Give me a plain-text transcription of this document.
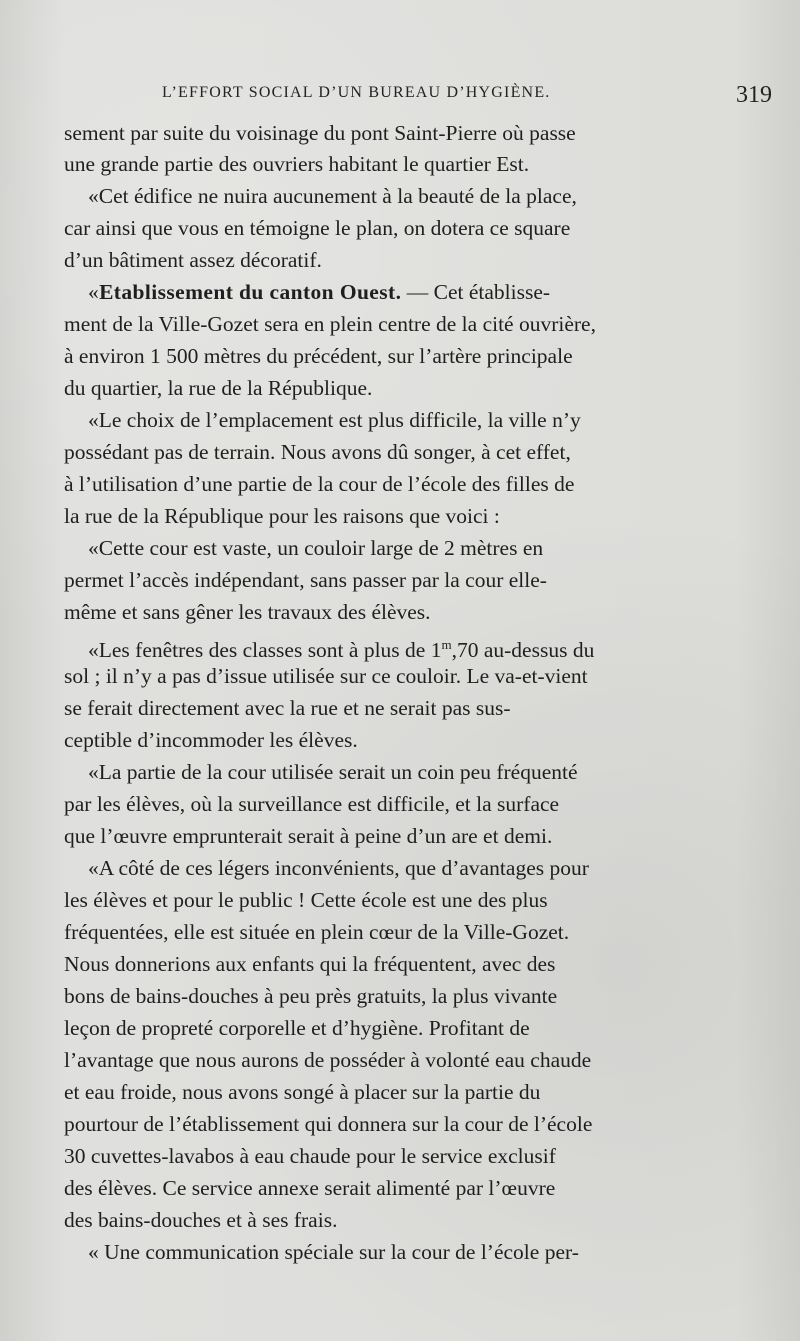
L’EFFORT SOCIAL D’UN BUREAU D’HYGIÈNE.	319
sement par suite du voisinage du pont Saint-Pierre où passe
une grande partie des ouvriers habitant le quartier Est.
«Cet édifice ne nuira aucunement à la beauté de la place,
car ainsi que vous en témoigne le plan, on dotera ce square
d’un bâtiment assez décoratif.
«Etablissement du canton Ouest. — Cet établisse-
ment de la Ville-Gozet sera en plein centre de la cité ouvrière,
à environ 1 500 mètres du précédent, sur l’artère principale
du quartier, la rue de la République.
«Le choix de l’emplacement est plus difficile, la ville n’y
possédant pas de terrain. Nous avons dû songer, à cet effet,
à l’utilisation d’une partie de la cour de l’école des filles de
la rue de la République pour les raisons que voici :
«Cette cour est vaste, un couloir large de 2 mètres en
permet l’accès indépendant, sans passer par la cour elle-
même et sans gêner les travaux des élèves.
«Les fenêtres des classes sont à plus de 1$^m$,70 au-dessus du
sol ; il n’y a pas d’issue utilisée sur ce couloir. Le va-et-vient
se ferait directement avec la rue et ne serait pas sus-
ceptible d’incommoder les élèves.
«La partie de la cour utilisée serait un coin peu fréquenté
par les élèves, où la surveillance est difficile, et la surface
que l’œuvre emprunterait serait à peine d’un are et demi.
«A côté de ces légers inconvénients, que d’avantages pour
les élèves et pour le public ! Cette école est une des plus
fréquentées, elle est située en plein cœur de la Ville-Gozet.
Nous donnerions aux enfants qui la fréquentent, avec des
bons de bains-douches à peu près gratuits, la plus vivante
leçon de propreté corporelle et d’hygiène. Profitant de
l’avantage que nous aurons de posséder à volonté eau chaude
et eau froide, nous avons songé à placer sur la partie du
pourtour de l’établissement qui donnera sur la cour de l’école
30 cuvettes-lavabos à eau chaude pour le service exclusif
des élèves. Ce service annexe serait alimenté par l’œuvre
des bains-douches et à ses frais.
« Une communication spéciale sur la cour de l’école per-
